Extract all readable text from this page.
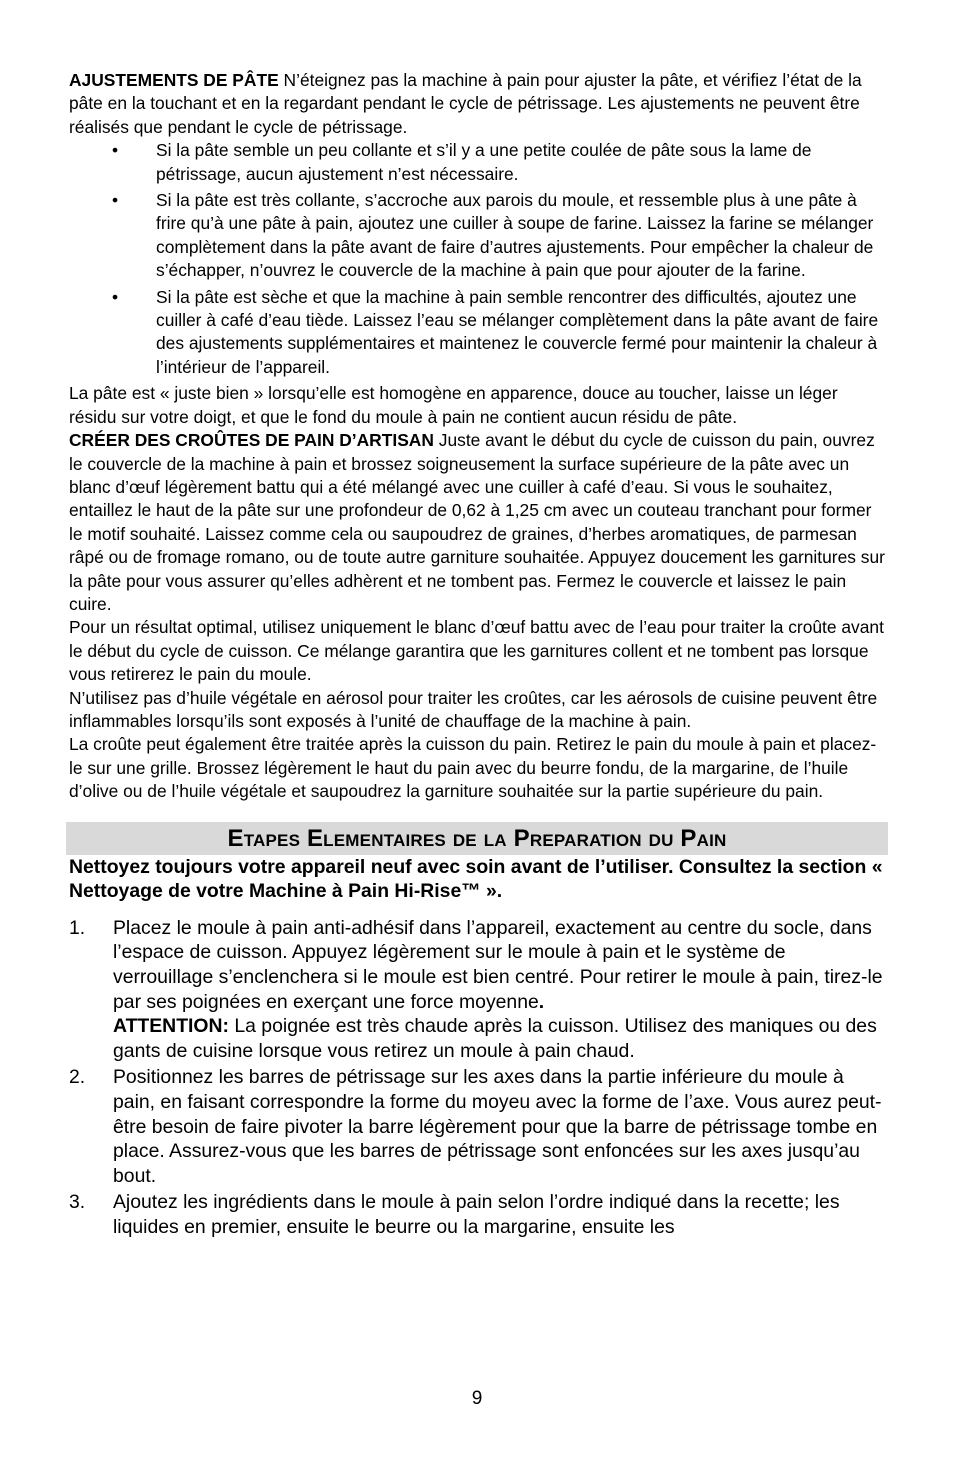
AJUSTEMENTS DE PÂTE N’éteignez pas la machine à pain pour ajuster la pâte, et vérifiez l’état de la pâte en la touchant et en la regardant pendant le cycle de pétrissage. Les ajustements ne peuvent être réalisés que pendant le cycle de pétrissage.

• Si la pâte semble un peu collante et s’il y a une petite coulée de pâte sous la lame de pétrissage, aucun ajustement n’est nécessaire.
• Si la pâte est très collante, s’accroche aux parois du moule, et ressemble plus à une pâte à frire qu’à une pâte à pain, ajoutez une cuiller à soupe de farine. Laissez la farine se mélanger complètement dans la pâte avant de faire d’autres ajustements. Pour empêcher la chaleur de s’échapper, n’ouvrez le couvercle de la machine à pain que pour ajouter de la farine.
• Si la pâte est sèche et que la machine à pain semble rencontrer des difficultés, ajoutez une cuiller à café d’eau tiède. Laissez l’eau se mélanger complètement dans la pâte avant de faire des ajustements supplémentaires et maintenez le couvercle fermé pour maintenir la chaleur à l’intérieur de l’appareil.

La pâte est « juste bien » lorsqu’elle est homogène en apparence, douce au toucher, laisse un léger résidu sur votre doigt, et que le fond du moule à pain ne contient aucun résidu de pâte.

CRÉER DES CROÛTES DE PAIN D’ARTISAN Juste avant le début du cycle de cuisson du pain, ouvrez le couvercle de la machine à pain et brossez soigneusement la surface supérieure de la pâte avec un blanc d’œuf légèrement battu qui a été mélangé avec une cuiller à café d’eau. Si vous le souhaitez, entaillez le haut de la pâte sur une profondeur de 0,62 à 1,25 cm avec un couteau tranchant pour former le motif souhaité. Laissez comme cela ou saupoudrez de graines, d’herbes aromatiques, de parmesan râpé ou de fromage romano, ou de toute autre garniture souhaitée. Appuyez doucement les garnitures sur la pâte pour vous assurer qu’elles adhèrent et ne tombent pas. Fermez le couvercle et laissez le pain cuire.

Pour un résultat optimal, utilisez uniquement le blanc d’œuf battu avec de l’eau pour traiter la croûte avant le début du cycle de cuisson. Ce mélange garantira que les garnitures collent et ne tombent pas lorsque vous retirerez le pain du moule.

N’utilisez pas d’huile végétale en aérosol pour traiter les croûtes, car les aérosols de cuisine peuvent être inflammables lorsqu’ils sont exposés à l’unité de chauffage de la machine à pain.

La croûte peut également être traitée après la cuisson du pain. Retirez le pain du moule à pain et placez-le sur une grille. Brossez légèrement le haut du pain avec du beurre fondu, de la margarine, de l’huile d’olive ou de l’huile végétale et saupoudrez la garniture souhaitée sur la partie supérieure du pain.

Etapes Elementaires de la Preparation du Pain

Nettoyez toujours votre appareil neuf avec soin avant de l’utiliser. Consultez la section « Nettoyage de votre Machine à Pain Hi-Rise™ ».

1. Placez le moule à pain anti-adhésif dans l’appareil, exactement au centre du socle, dans l’espace de cuisson. Appuyez légèrement sur le moule à pain et le système de verrouillage s’enclenchera si le moule est bien centré. Pour retirer le moule à pain, tirez-le par ses poignées en exerçant une force moyenne.
ATTENTION: La poignée est très chaude après la cuisson. Utilisez des maniques ou des gants de cuisine lorsque vous retirez un moule à pain chaud.
2. Positionnez les barres de pétrissage sur les axes dans la partie inférieure du moule à pain, en faisant correspondre la forme du moyeu avec la forme de l’axe. Vous aurez peut-être besoin de faire pivoter la barre légèrement pour que la barre de pétrissage tombe en place. Assurez-vous que les barres de pétrissage sont enfoncées sur les axes jusqu’au bout.
3. Ajoutez les ingrédients dans le moule à pain selon l’ordre indiqué dans la recette; les liquides en premier, ensuite le beurre ou la margarine, ensuite les
9
